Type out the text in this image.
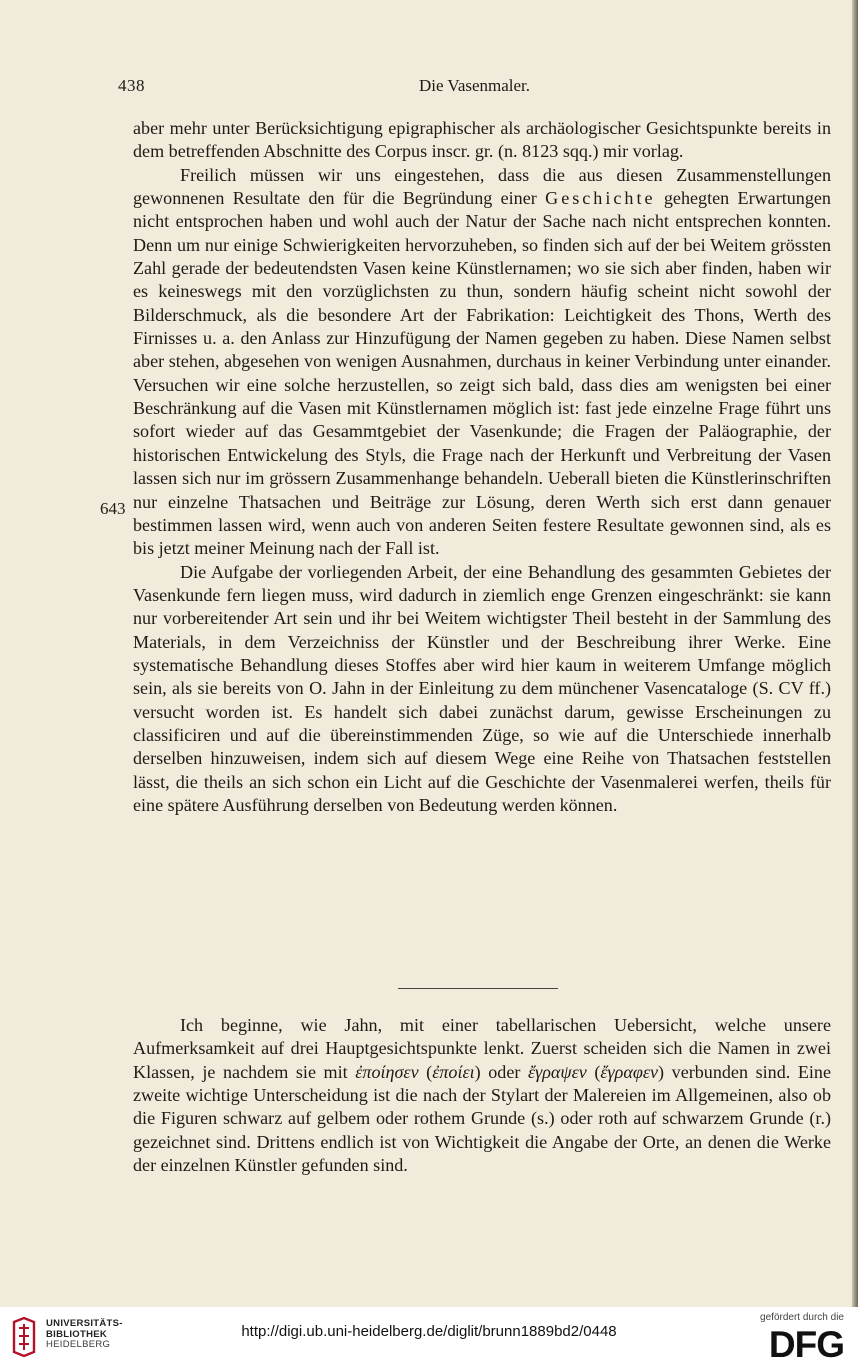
438	Die Vasenmaler.
643

aber mehr unter Berücksichtigung epigraphischer als archäologischer Gesichtspunkte bereits in dem betreffenden Abschnitte des Corpus inscr. gr. (n. 8123 sqq.) mir vorlag.

Freilich müssen wir uns eingestehen, dass die aus diesen Zusammenstellungen gewonnenen Resultate den für die Begründung einer Geschichte gehegten Erwartungen nicht entsprochen haben und wohl auch der Natur der Sache nach nicht entsprechen konnten. Denn um nur einige Schwierigkeiten hervorzuheben, so finden sich auf der bei Weitem grössten Zahl gerade der bedeutendsten Vasen keine Künstlernamen; wo sie sich aber finden, haben wir es keineswegs mit den vorzüglichsten zu thun, sondern häufig scheint nicht sowohl der Bilderschmuck, als die besondere Art der Fabrikation: Leichtigkeit des Thons, Werth des Firnisses u. a. den Anlass zur Hinzufügung der Namen gegeben zu haben. Diese Namen selbst aber stehen, abgesehen von wenigen Ausnahmen, durchaus in keiner Verbindung unter einander. Versuchen wir eine solche herzustellen, so zeigt sich bald, dass dies am wenigsten bei einer Beschränkung auf die Vasen mit Künstlernamen möglich ist: fast jede einzelne Frage führt uns sofort wieder auf das Gesammtgebiet der Vasenkunde; die Fragen der Paläographie, der historischen Entwickelung des Styls, die Frage nach der Herkunft und Verbreitung der Vasen lassen sich nur im grössern Zusammenhange behandeln. Ueberall bieten die Künstlerinschriften nur einzelne Thatsachen und Beiträge zur Lösung, deren Werth sich erst dann genauer bestimmen lassen wird, wenn auch von anderen Seiten festere Resultate gewonnen sind, als es bis jetzt meiner Meinung nach der Fall ist.

Die Aufgabe der vorliegenden Arbeit, der eine Behandlung des gesammten Gebietes der Vasenkunde fern liegen muss, wird dadurch in ziemlich enge Grenzen eingeschränkt: sie kann nur vorbereitender Art sein und ihr bei Weitem wichtigster Theil besteht in der Sammlung des Materials, in dem Verzeichniss der Künstler und der Beschreibung ihrer Werke. Eine systematische Behandlung dieses Stoffes aber wird hier kaum in weiterem Umfange möglich sein, als sie bereits von O. Jahn in der Einleitung zu dem münchener Vasencataloge (S. CV ff.) versucht worden ist. Es handelt sich dabei zunächst darum, gewisse Erscheinungen zu classificiren und auf die übereinstimmenden Züge, so wie auf die Unterschiede innerhalb derselben hinzuweisen, indem sich auf diesem Wege eine Reihe von Thatsachen feststellen lässt, die theils an sich schon ein Licht auf die Geschichte der Vasenmalerei werfen, theils für eine spätere Ausführung derselben von Bedeutung werden können.

Ich beginne, wie Jahn, mit einer tabellarischen Uebersicht, welche unsere Aufmerksamkeit auf drei Hauptgesichtspunkte lenkt. Zuerst scheiden sich die Namen in zwei Klassen, je nachdem sie mit ἐποίησεν (ἐποίει) oder ἔγραψεν (ἔγραφεν) verbunden sind. Eine zweite wichtige Unterscheidung ist die nach der Stylart der Malereien im Allgemeinen, also ob die Figuren schwarz auf gelbem oder rothem Grunde (s.) oder roth auf schwarzem Grunde (r.) gezeichnet sind. Drittens endlich ist von Wichtigkeit die Angabe der Orte, an denen die Werke der einzelnen Künstler gefunden sind.

UNIVERSITÄTS-
BIBLIOTHEK
HEIDELBERG
http://digi.ub.uni-heidelberg.de/diglit/brunn1889bd2/0448
gefördert durch die
DFG
